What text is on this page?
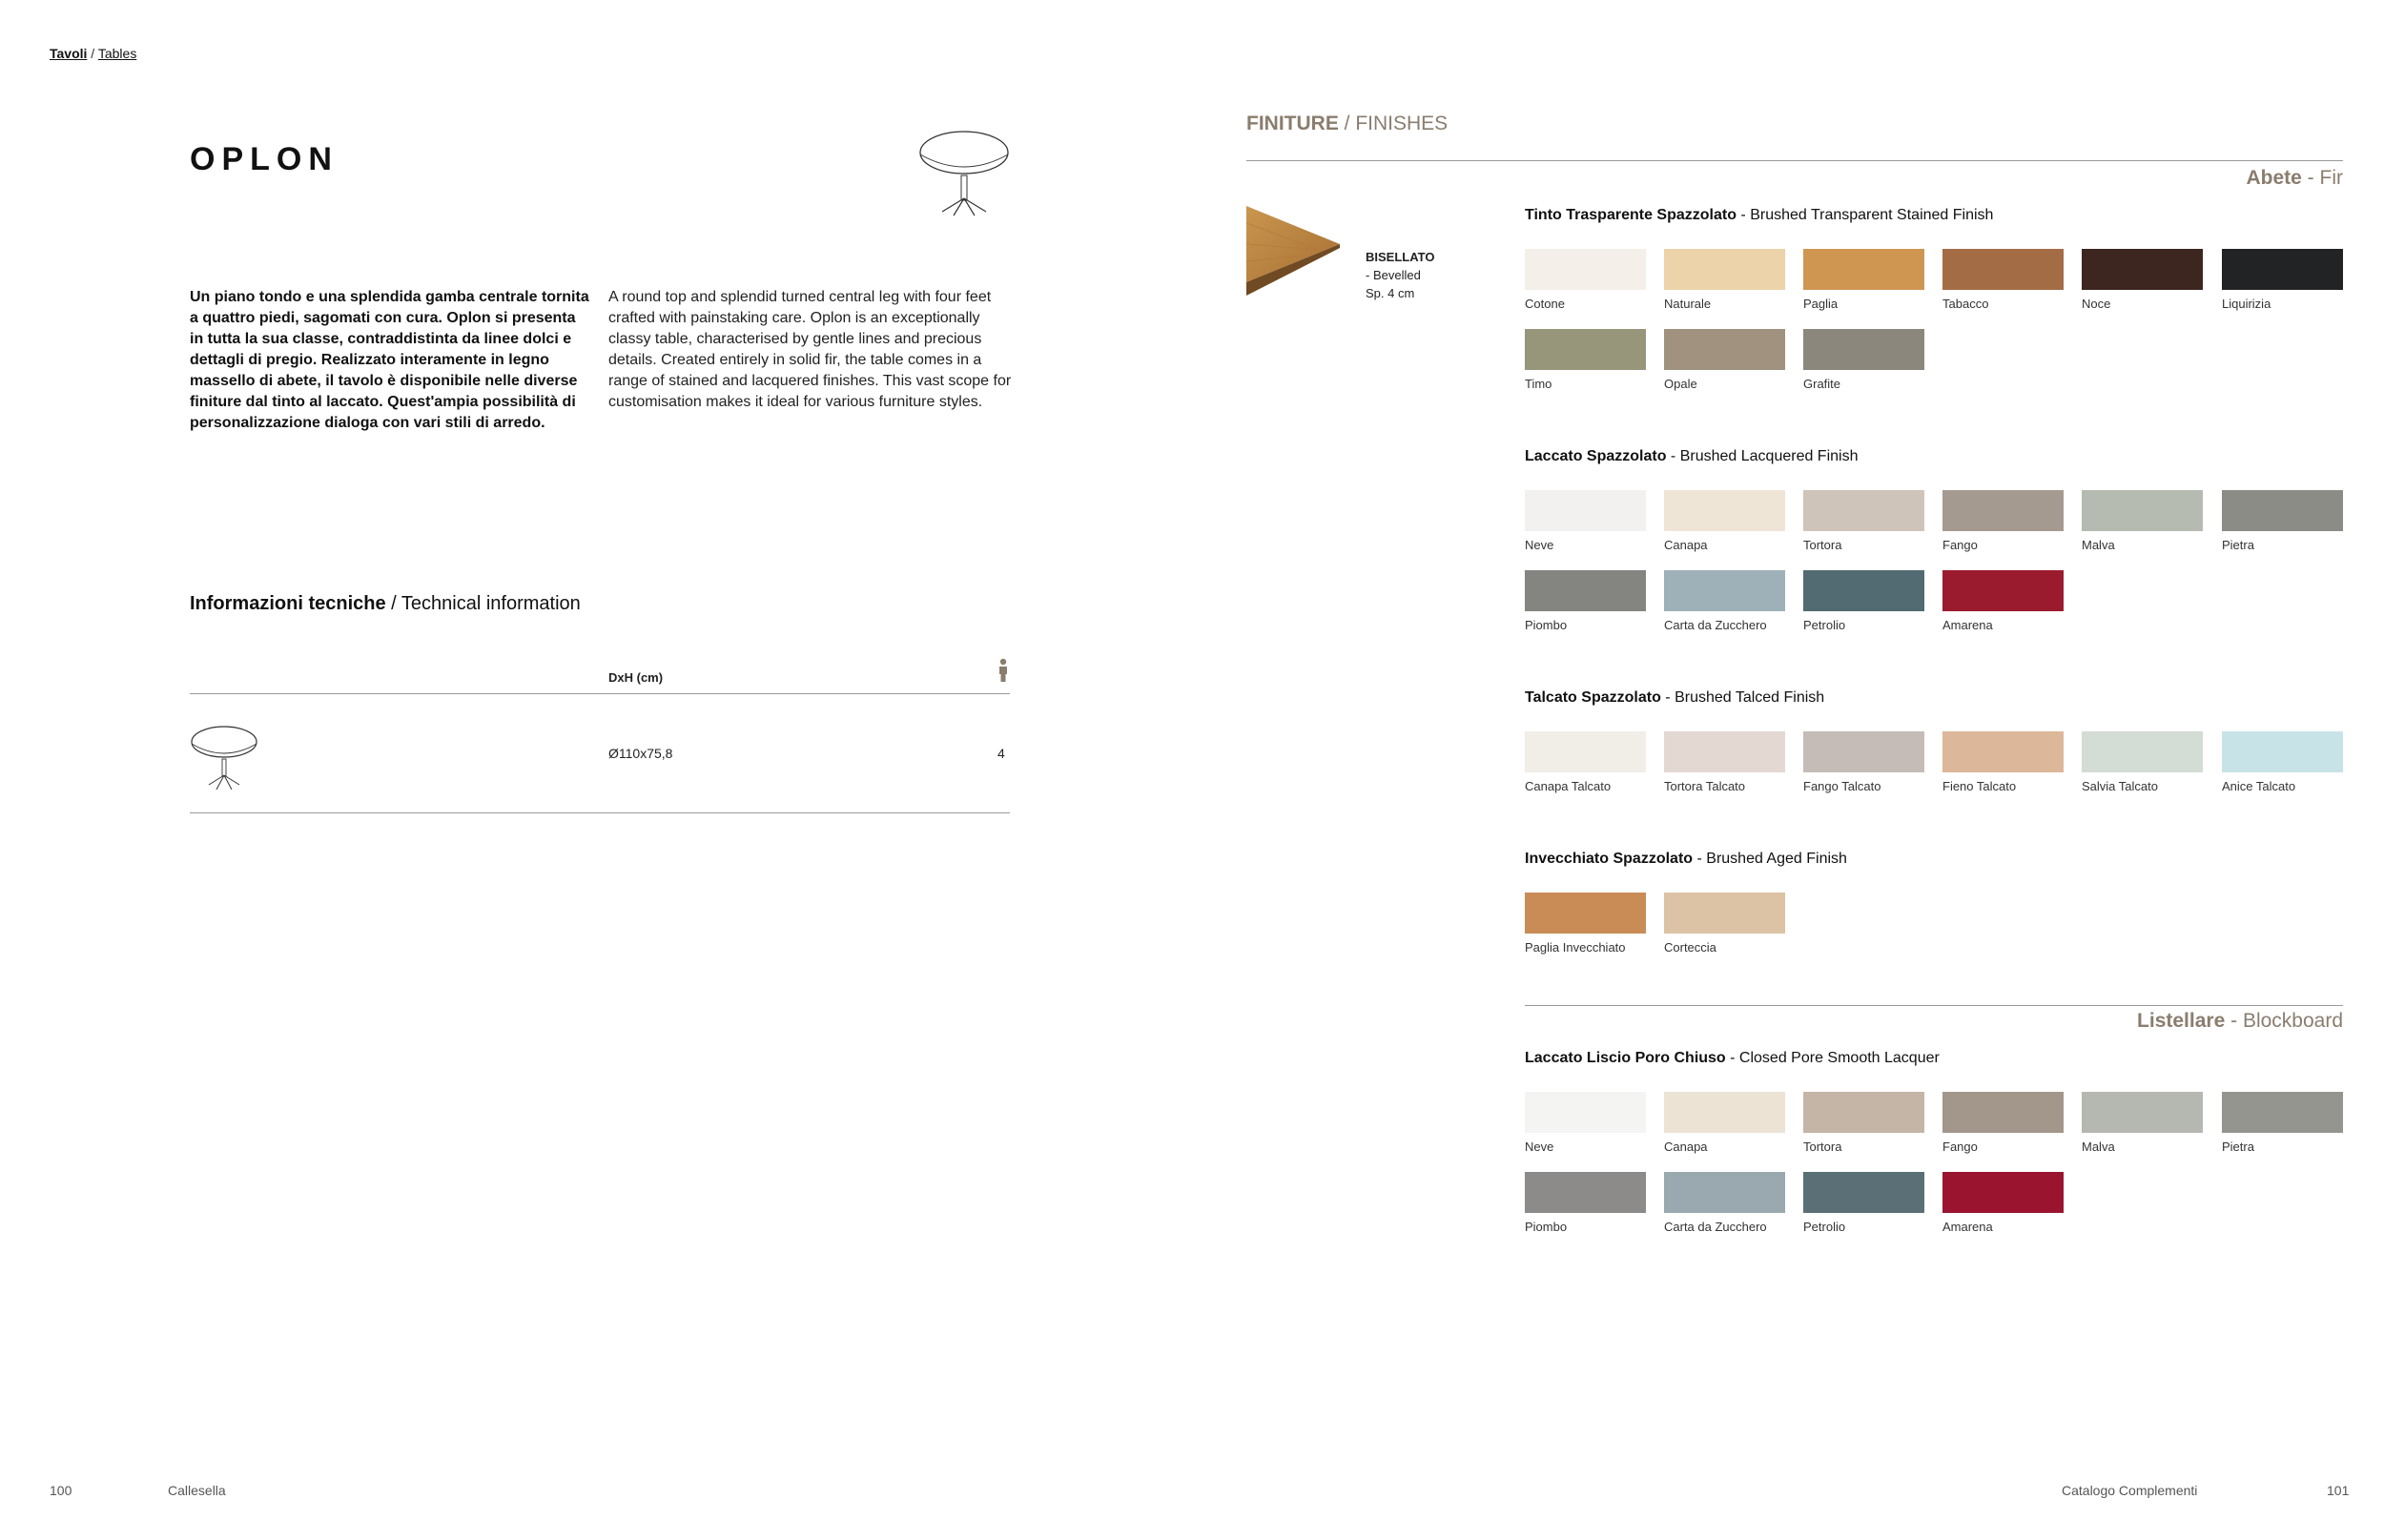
Tavoli / Tables
OPLON
Un piano tondo e una splendida gamba centrale tornita a quattro piedi, sagomati con cura. Oplon si presenta in tutta la sua classe, contraddistinta da linee dolci e dettagli di pregio. Realizzato interamente in legno massello di abete, il tavolo è disponibile nelle diverse finiture dal tinto al laccato. Quest'ampia possibilità di personalizzazione dialoga con vari stili di arredo.
A round top and splendid turned central leg with four feet crafted with painstaking care. Oplon is an exceptionally classy table, characterised by gentle lines and precious details. Created entirely in solid fir, the table comes in a range of stained and lacquered finishes. This vast scope for customisation makes it ideal for various furniture styles.
Informazioni tecniche / Technical information
DxH (cm)
Ø110x75,8	4
FINITURE / FINISHES
Abete - Fir
BISELLATO
- Bevelled
Sp. 4 cm
Listellare - Blockboard
Tinto Trasparente Spazzolato - Brushed Transparent Stained Finish
Cotone	Naturale	Paglia	Tabacco	Noce	Liquirizia
Timo	Opale	Grafite
Laccato Spazzolato - Brushed Lacquered Finish
Neve	Canapa	Tortora	Fango	Malva	Pietra
Piombo	Carta da Zucchero	Petrolio	Amarena
Talcato Spazzolato - Brushed Talced Finish
Canapa Talcato	Tortora Talcato	Fango Talcato	Fieno Talcato	Salvia Talcato	Anice Talcato
Invecchiato Spazzolato - Brushed Aged Finish
Paglia Invecchiato	Corteccia
Laccato Liscio Poro Chiuso - Closed Pore Smooth Lacquer
Neve	Canapa	Tortora	Fango	Malva	Pietra
Piombo	Carta da Zucchero	Petrolio	Amarena
100	Callesella	Catalogo Complementi	101
